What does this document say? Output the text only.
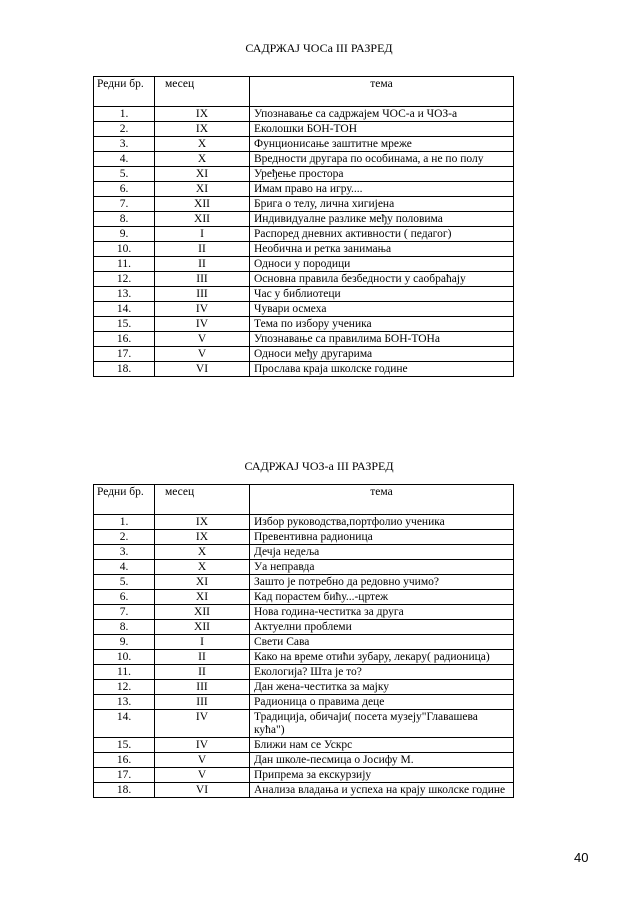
САДРЖАЈ ЧОСа III РАЗРЕД
Редни бр.	месец	тема
1.	IX	Упознавање са садржајем ЧОС-а и ЧОЗ-а
2.	IX	Еколошки БОН-ТОН
3.	X	Фунционисање заштитне мреже
4.	X	Вредности другара по особинама, а не по полу
5.	XI	Уређење простора
6.	XI	Имам право на игру....
7.	XII	Брига о телу, лична хигијена
8.	XII	Индивидуалне разлике међу половима
9.	I	Распоред дневних активности ( педагог)
10.	II	Необична и ретка занимања
11.	II	Односи у породици
12.	III	Основна правила безбедности у саобраћају
13.	III	Час у библиотеци
14.	IV	Чувари осмеха
15.	IV	Тема по избору ученика
16.	V	Упознавање са правилима БОН-ТОНа
17.	V	Односи међу другарима
18.	VI	Прослава краја школске године
САДРЖАЈ ЧОЗ-а III РАЗРЕД
Редни бр.	месец	тема
1.	IX	Избор руководства,портфолио ученика
2.	IX	Превентивна радионица
3.	X	Дечја недеља
4.	X	Уа неправда
5.	XI	Зашто је потребно да редовно учимо?
6.	XI	Кад порастем бићу...-цртеж
7.	XII	Нова година-честитка за друга
8.	XII	Актуелни проблеми
9.	I	Свети Сава
10.	II	Како на време отићи зубару, лекару( радионица)
11.	II	Екологија? Шта је то?
12.	III	Дан жена-честитка за мајку
13.	III	Радионица о правима деце
14.	IV	Традиција, обичаји( посета музеју"Главашева кућа")
15.	IV	Ближи нам се Ускрс
16.	V	Дан школе-песмица о Јосифу М.
17.	V	Припрема за екскурзију
18.	VI	Анализа владања и успеха на крају школске године
40
